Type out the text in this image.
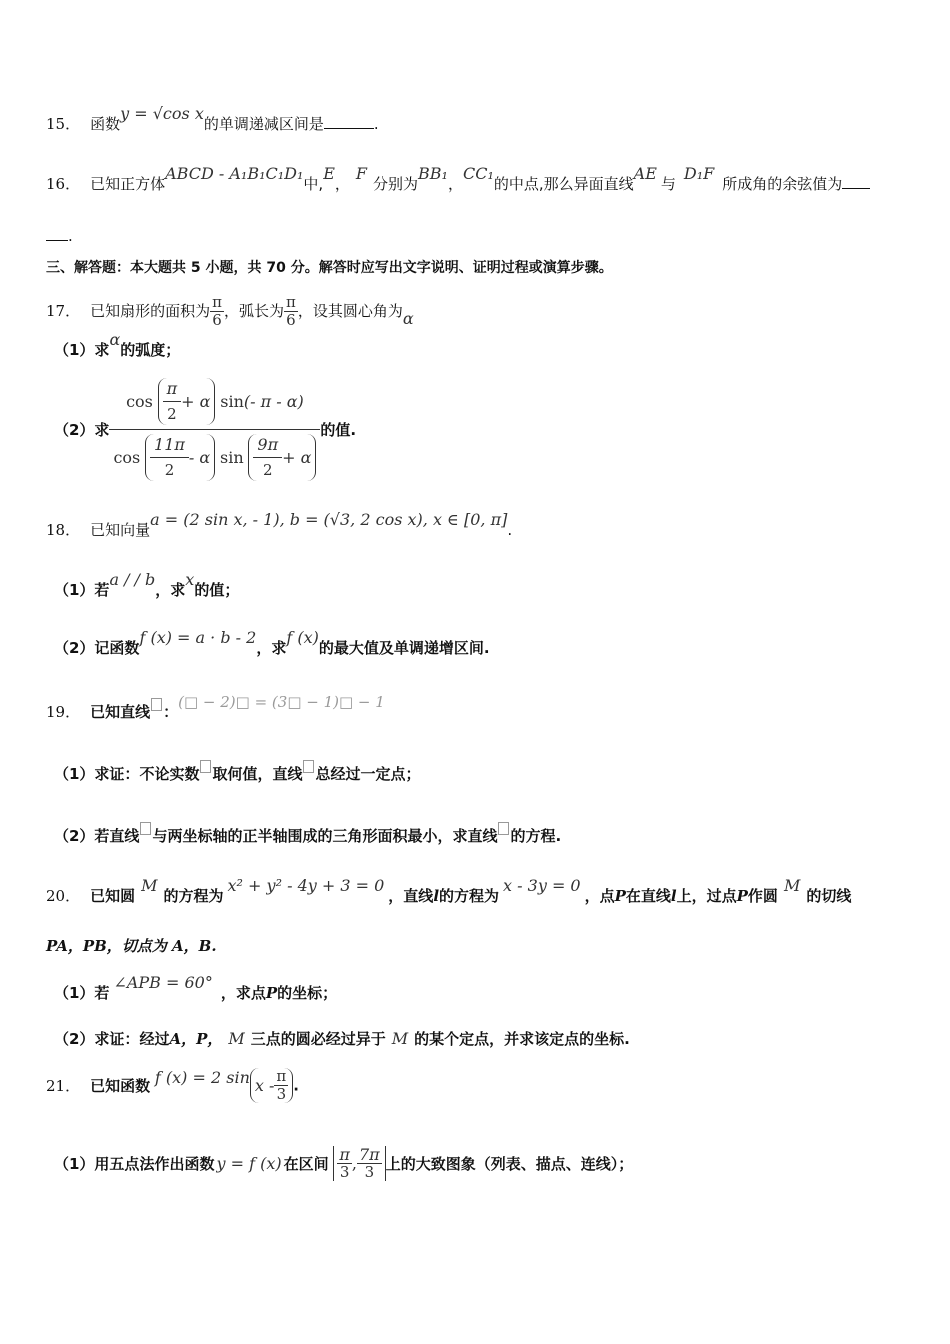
15． 函数y = √cos x的单调递减区间是	.
16． 已知正方体ABCD - A₁B₁C₁D₁中,E，F分别为BB₁，CC₁的中点,那么异面直线AE与D₁F所成角的余弦值为
.
三、解答题：本大题共 5 小题，共 70 分。解答时应写出文字说明、证明过程或演算步骤。
17． 已知扇形的面积为 $\frac{\pi}{6}$ ，弧长为 $\frac{\pi}{6}$ ，设其圆心角为α
（1）求α的弧度；
（2）求 $\frac{\cos \frac{\pi}{2} + \alpha \sin(- \pi - \alpha)}{\cos \frac{11\pi}{2} - \alpha \sin \frac{9\pi}{2} + \alpha}$ 的值.
18． 已知向量a = (2 sin x, - 1), b = (√3, 2 cos x), x ∈ [0, π].
（1）若a / / b，求x的值；
（2）记函数f (x) = a · b - 2，求f (x)的最大值及单调递增区间.
19． 已知直线 ：(□ − 2)□ = (3□ − 1)□ − 1
（1）求证：不论实数 取何值，直线 总经过一定点；
（2）若直线 与两坐标轴的正半轴围成的三角形面积最小，求直线 的方程.
20． 已知圆M的方程为x² + y² - 4y + 3 = 0，直线l的方程为x - 3y = 0，点P在直线l上，过点P作圆M的切线
PA，PB，切点为 A，B.
（1）若∠APB = 60°，求点P的坐标；
（2）求证：经过A，P， M 三点的圆必经过异于 M 的某个定点，并求该定点的坐标.
21． 已知函数 f (x) = 2 sin x - $\frac{\pi}{3}$ .
（1）用五点法作出函数 y = f (x) 在区间 $\frac{\pi}{3}$ , $\frac{7\pi}{3}$ 上的大致图象（列表、描点、连线）；
